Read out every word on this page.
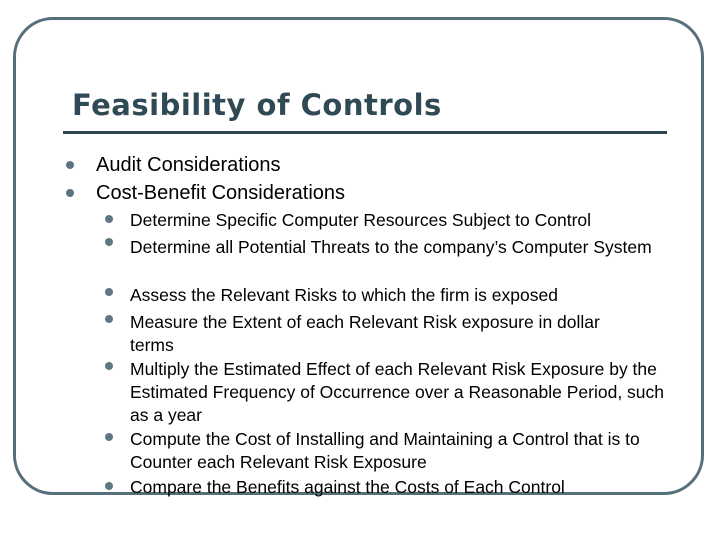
Feasibility of Controls

Audit Considerations

Cost-Benefit Considerations

Determine Specific Computer Resources Subject to Control

Determine all Potential Threats to the company’s Computer System

Assess the Relevant Risks to which the firm is exposed

Measure the Extent of each Relevant Risk exposure in dollar terms

Multiply the Estimated Effect of each Relevant Risk Exposure by the Estimated Frequency of Occurrence over a Reasonable Period, such as a year

Compute the Cost of Installing and Maintaining a Control that is to Counter each Relevant Risk Exposure

Compare the Benefits against the Costs of Each Control
